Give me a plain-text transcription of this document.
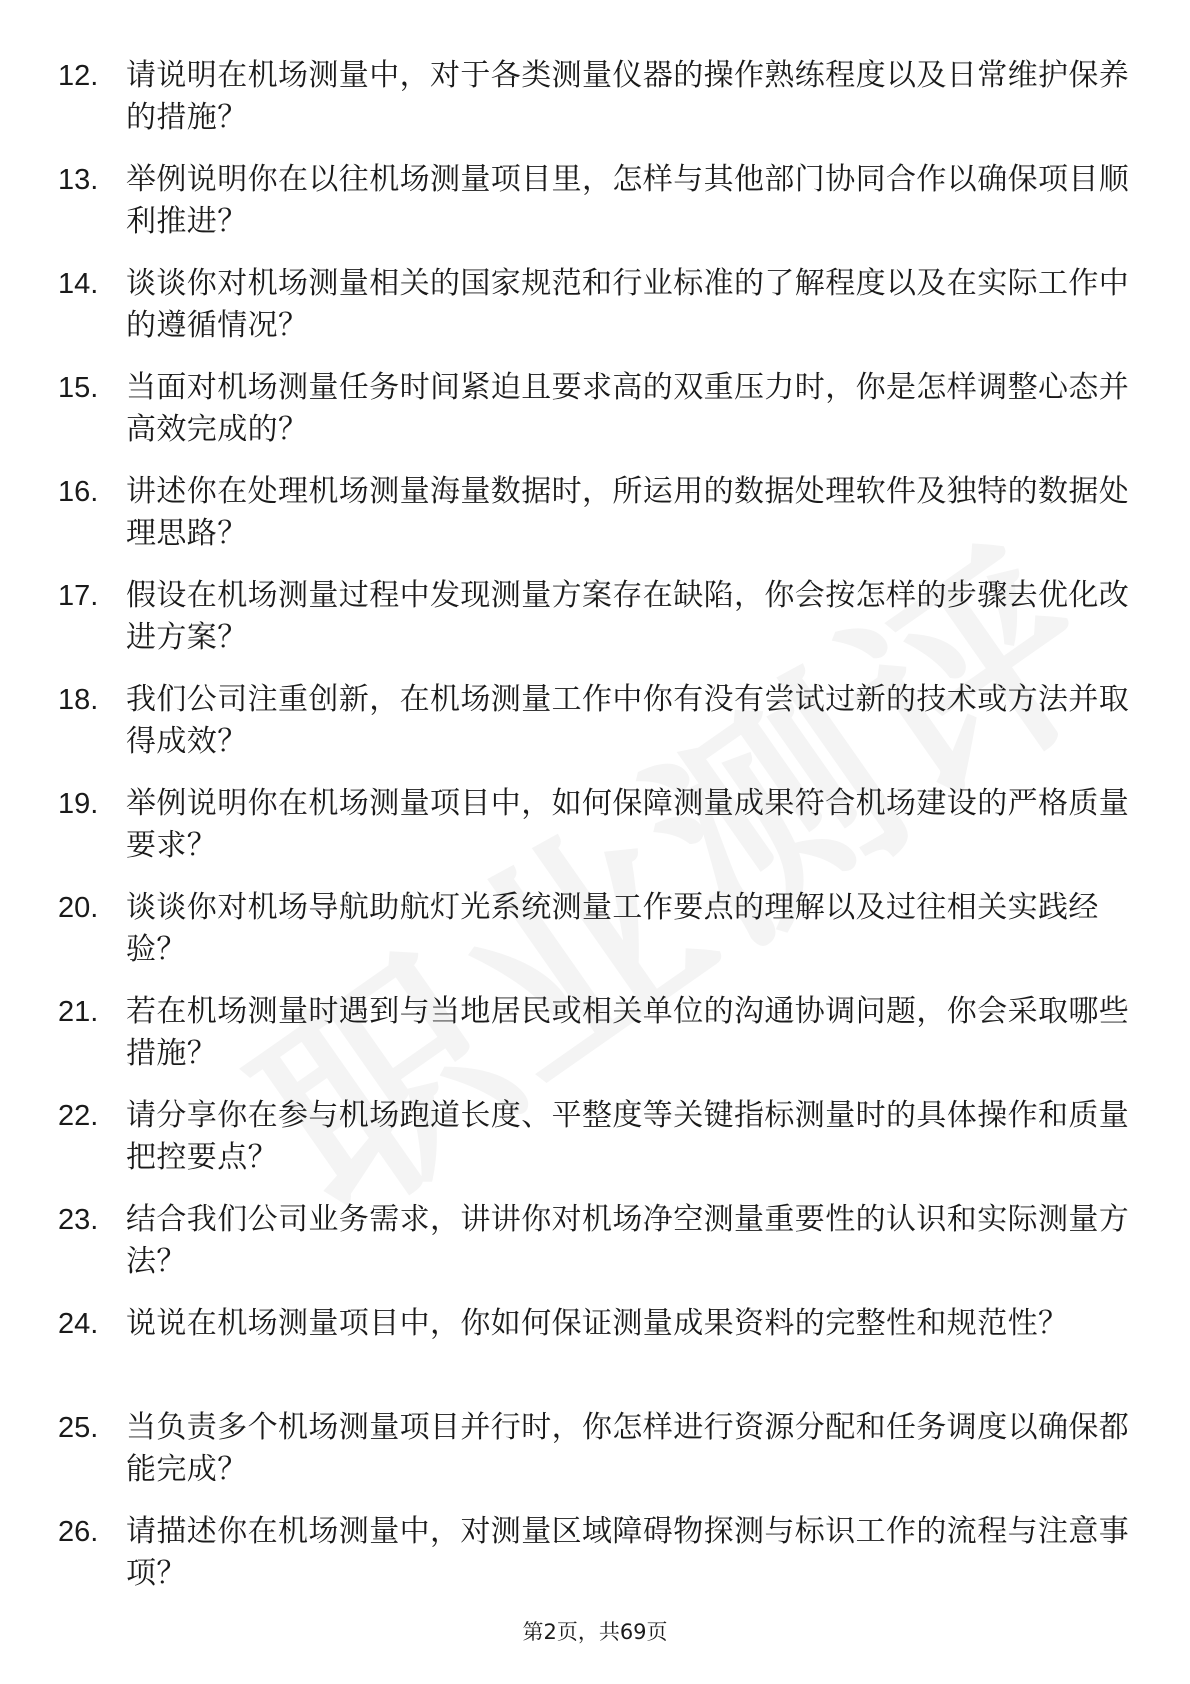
12. 请说明在机场测量中，对于各类测量仪器的操作熟练程度以及日常维护保养的措施？
13. 举例说明你在以往机场测量项目里，怎样与其他部门协同合作以确保项目顺利推进？
14. 谈谈你对机场测量相关的国家规范和行业标准的了解程度以及在实际工作中的遵循情况？
15. 当面对机场测量任务时间紧迫且要求高的双重压力时，你是怎样调整心态并高效完成的？
16. 讲述你在处理机场测量海量数据时，所运用的数据处理软件及独特的数据处理思路？
17. 假设在机场测量过程中发现测量方案存在缺陷，你会按怎样的步骤去优化改进方案？
18. 我们公司注重创新，在机场测量工作中你有没有尝试过新的技术或方法并取得成效？
19. 举例说明你在机场测量项目中，如何保障测量成果符合机场建设的严格质量要求？
20. 谈谈你对机场导航助航灯光系统测量工作要点的理解以及过往相关实践经验？
21. 若在机场测量时遇到与当地居民或相关单位的沟通协调问题，你会采取哪些措施？
22. 请分享你在参与机场跑道长度、平整度等关键指标测量时的具体操作和质量把控要点？
23. 结合我们公司业务需求，讲讲你对机场净空测量重要性的认识和实际测量方法？
24. 说说在机场测量项目中，你如何保证测量成果资料的完整性和规范性？
25. 当负责多个机场测量项目并行时，你怎样进行资源分配和任务调度以确保都能完成？
26. 请描述你在机场测量中，对测量区域障碍物探测与标识工作的流程与注意事项？
第2页，共69页
